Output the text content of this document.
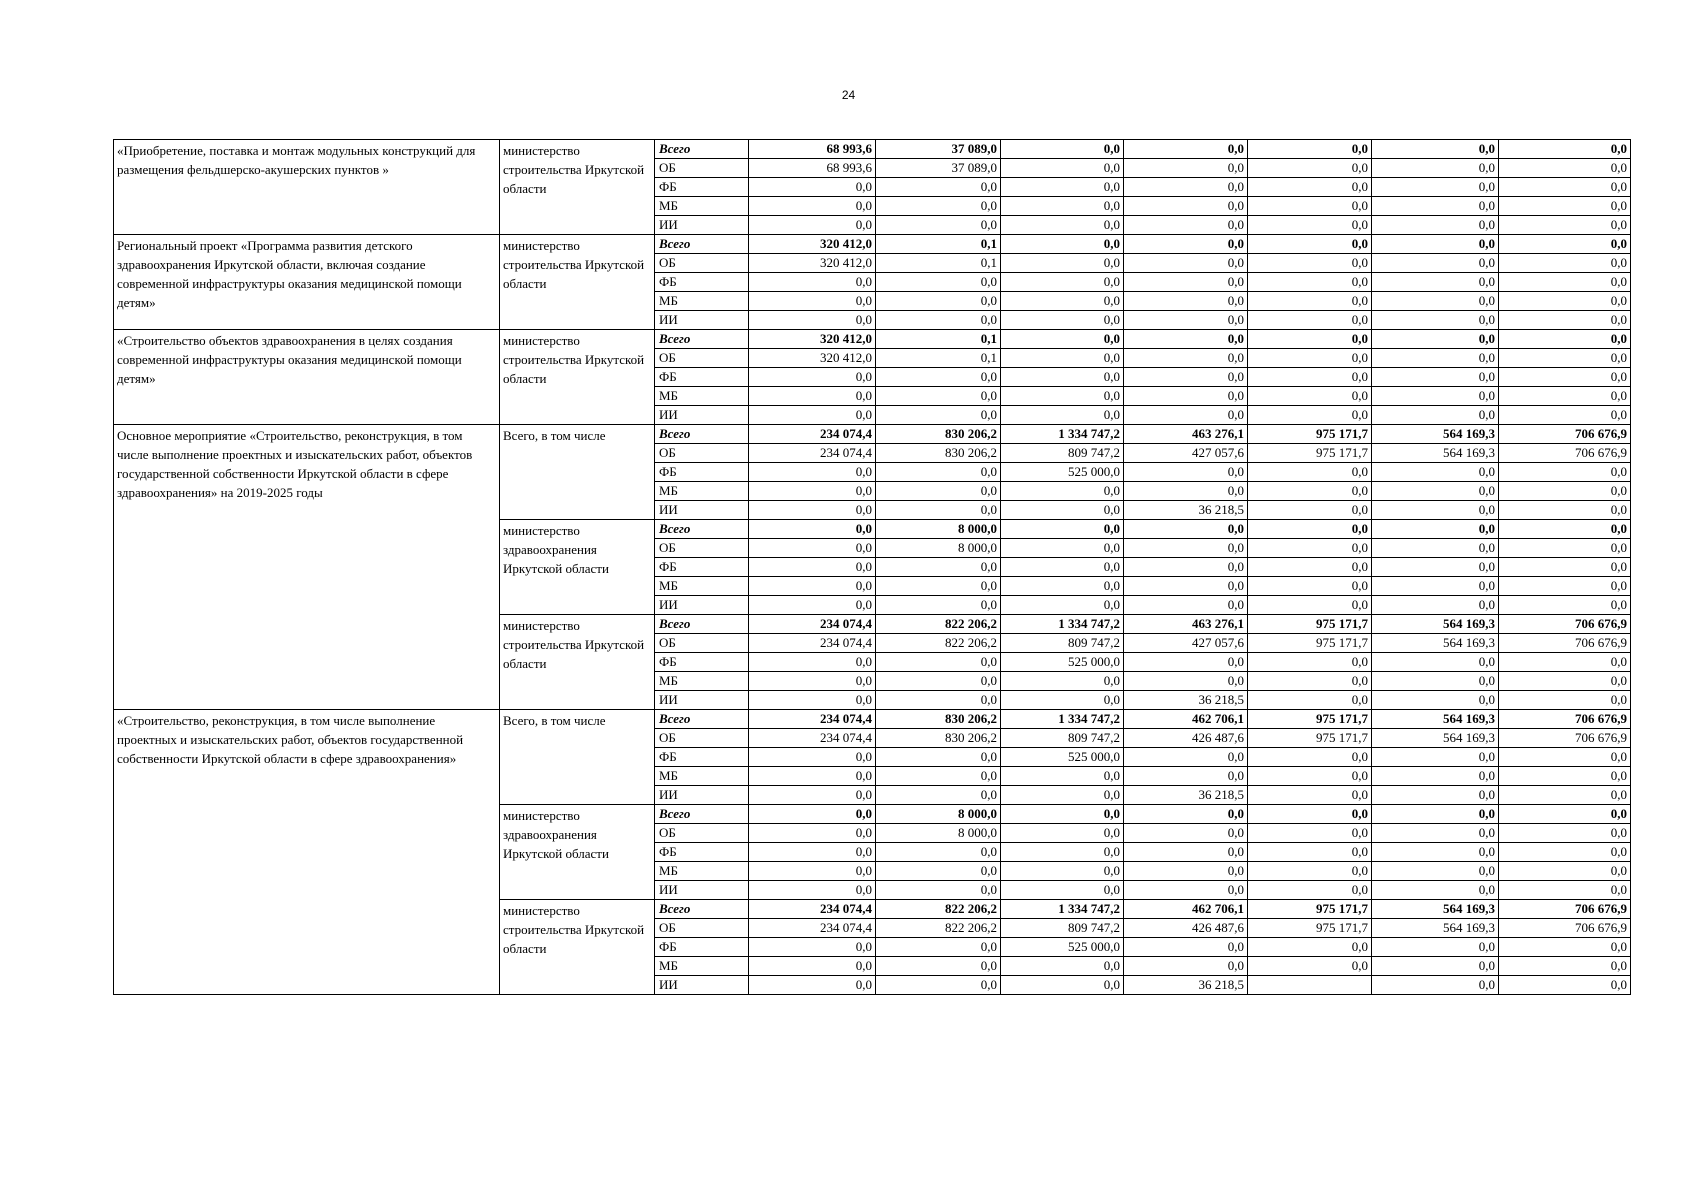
24
«Приобретение, поставка и монтаж модульных конструкций для размещения фельдшерско-акушерских пунктов »	министерство строительства Иркутской области	Всего	68 993,6	37 089,0	0,0	0,0	0,0	0,0	0,0
		ОБ	68 993,6	37 089,0	0,0	0,0	0,0	0,0	0,0
		ФБ	0,0	0,0	0,0	0,0	0,0	0,0	0,0
		МБ	0,0	0,0	0,0	0,0	0,0	0,0	0,0
		ИИ	0,0	0,0	0,0	0,0	0,0	0,0	0,0
Региональный проект «Программа развития детского здравоохранения Иркутской области, включая создание современной инфраструктуры оказания медицинской помощи детям»	министерство строительства Иркутской области	Всего	320 412,0	0,1	0,0	0,0	0,0	0,0	0,0
		ОБ	320 412,0	0,1	0,0	0,0	0,0	0,0	0,0
		ФБ	0,0	0,0	0,0	0,0	0,0	0,0	0,0
		МБ	0,0	0,0	0,0	0,0	0,0	0,0	0,0
		ИИ	0,0	0,0	0,0	0,0	0,0	0,0	0,0
«Строительство объектов здравоохранения в целях создания современной инфраструктуры оказания медицинской помощи детям»	министерство строительства Иркутской области	Всего	320 412,0	0,1	0,0	0,0	0,0	0,0	0,0
		ОБ	320 412,0	0,1	0,0	0,0	0,0	0,0	0,0
		ФБ	0,0	0,0	0,0	0,0	0,0	0,0	0,0
		МБ	0,0	0,0	0,0	0,0	0,0	0,0	0,0
		ИИ	0,0	0,0	0,0	0,0	0,0	0,0	0,0
Основное мероприятие «Строительство, реконструкция, в том числе выполнение проектных и изыскательских работ, объектов государственной собственности Иркутской области в сфере здравоохранения» на 2019-2025 годы	Всего, в том числе	Всего	234 074,4	830 206,2	1 334 747,2	463 276,1	975 171,7	564 169,3	706 676,9
		ОБ	234 074,4	830 206,2	809 747,2	427 057,6	975 171,7	564 169,3	706 676,9
		ФБ	0,0	0,0	525 000,0	0,0	0,0	0,0	0,0
		МБ	0,0	0,0	0,0	0,0	0,0	0,0	0,0
		ИИ	0,0	0,0	0,0	36 218,5	0,0	0,0	0,0
	министерство здравоохранения Иркутской области	Всего	0,0	8 000,0	0,0	0,0	0,0	0,0	0,0
		ОБ	0,0	8 000,0	0,0	0,0	0,0	0,0	0,0
		ФБ	0,0	0,0	0,0	0,0	0,0	0,0	0,0
		МБ	0,0	0,0	0,0	0,0	0,0	0,0	0,0
		ИИ	0,0	0,0	0,0	0,0	0,0	0,0	0,0
	министерство строительства Иркутской области	Всего	234 074,4	822 206,2	1 334 747,2	463 276,1	975 171,7	564 169,3	706 676,9
		ОБ	234 074,4	822 206,2	809 747,2	427 057,6	975 171,7	564 169,3	706 676,9
		ФБ	0,0	0,0	525 000,0	0,0	0,0	0,0	0,0
		МБ	0,0	0,0	0,0	0,0	0,0	0,0	0,0
		ИИ	0,0	0,0	0,0	36 218,5	0,0	0,0	0,0
«Строительство, реконструкция, в том числе выполнение проектных и изыскательских работ, объектов государственной собственности Иркутской области в сфере здравоохранения»	Всего, в том числе	Всего	234 074,4	830 206,2	1 334 747,2	462 706,1	975 171,7	564 169,3	706 676,9
		ОБ	234 074,4	830 206,2	809 747,2	426 487,6	975 171,7	564 169,3	706 676,9
		ФБ	0,0	0,0	525 000,0	0,0	0,0	0,0	0,0
		МБ	0,0	0,0	0,0	0,0	0,0	0,0	0,0
		ИИ	0,0	0,0	0,0	36 218,5	0,0	0,0	0,0
	министерство здравоохранения Иркутской области	Всего	0,0	8 000,0	0,0	0,0	0,0	0,0	0,0
		ОБ	0,0	8 000,0	0,0	0,0	0,0	0,0	0,0
		ФБ	0,0	0,0	0,0	0,0	0,0	0,0	0,0
		МБ	0,0	0,0	0,0	0,0	0,0	0,0	0,0
		ИИ	0,0	0,0	0,0	0,0	0,0	0,0	0,0
	министерство строительства Иркутской области	Всего	234 074,4	822 206,2	1 334 747,2	462 706,1	975 171,7	564 169,3	706 676,9
		ОБ	234 074,4	822 206,2	809 747,2	426 487,6	975 171,7	564 169,3	706 676,9
		ФБ	0,0	0,0	525 000,0	0,0	0,0	0,0	0,0
		МБ	0,0	0,0	0,0	0,0	0,0	0,0	0,0
		ИИ	0,0	0,0	0,0	36 218,5		0,0	0,0
